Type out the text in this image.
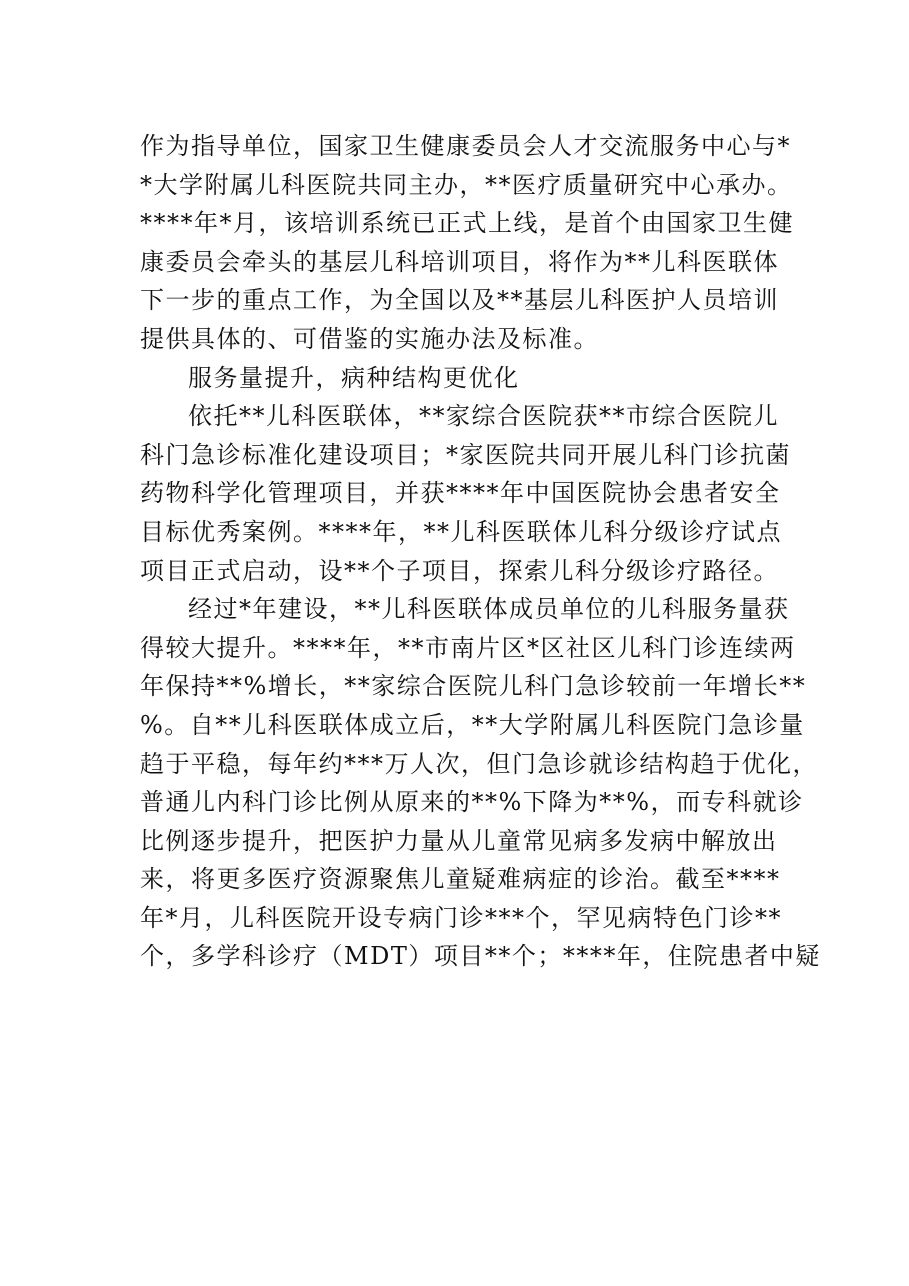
作为指导单位，国家卫生健康委员会人才交流服务中心与*
*大学附属儿科医院共同主办，**医疗质量研究中心承办。
****年*月，该培训系统已正式上线，是首个由国家卫生健
康委员会牵头的基层儿科培训项目，将作为**儿科医联体
下一步的重点工作，为全国以及**基层儿科医护人员培训
提供具体的、可借鉴的实施办法及标准。
服务量提升，病种结构更优化
依托**儿科医联体，**家综合医院获**市综合医院儿
科门急诊标准化建设项目；*家医院共同开展儿科门诊抗菌
药物科学化管理项目，并获****年中国医院协会患者安全
目标优秀案例。****年，**儿科医联体儿科分级诊疗试点
项目正式启动，设**个子项目，探索儿科分级诊疗路径。
经过*年建设，**儿科医联体成员单位的儿科服务量获
得较大提升。****年，**市南片区*区社区儿科门诊连续两
年保持**%增长，**家综合医院儿科门急诊较前一年增长**
%。自**儿科医联体成立后，**大学附属儿科医院门急诊量
趋于平稳，每年约***万人次，但门急诊就诊结构趋于优化，
普通儿内科门诊比例从原来的**%下降为**%，而专科就诊
比例逐步提升，把医护力量从儿童常见病多发病中解放出
来，将更多医疗资源聚焦儿童疑难病症的诊治。截至****
年*月，儿科医院开设专病门诊***个，罕见病特色门诊**
个，多学科诊疗（MDT）项目**个；****年，住院患者中疑
